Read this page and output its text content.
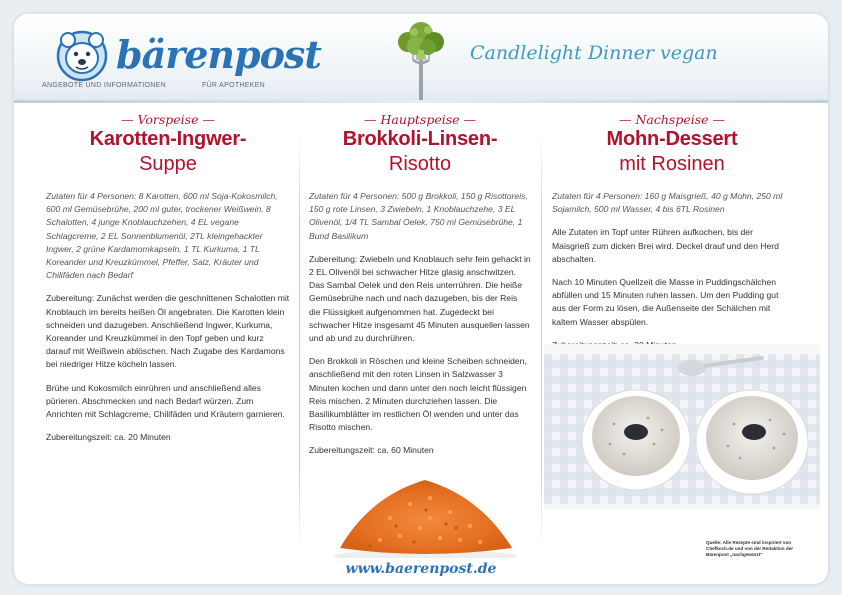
bärenpost
ANGEBOTE UND INFORMATIONEN	FÜR APOTHEKEN
Candlelight Dinner vegan
— Vorspeise —
Karotten-Ingwer-
Suppe
Zutaten für 4 Personen: 8 Karotten, 600 ml Soja-Kokosmilch, 600 ml Gemüsebrühe, 200 ml guter, trockener Weißwein, 8 Schalotten, 4 junge Knoblauchzehen, 4 EL vegane Schlagcreme, 2 EL Sonnenblumenöl, 2TL kleingehackter Ingwer, 2 grüne Kardamomkapseln, 1 TL Kurkuma, 1 TL Koreander und Kreuzkümmel, Pfeffer, Salz, Kräuter und Chilifäden nach Bedarf
Zubereitung: Zunächst werden die geschnittenen Schalotten mit Knoblauch im bereits heißen Öl angebraten. Die Karotten klein schneiden und dazugeben. Anschließend Ingwer, Kurkuma, Koreander und Kreuzkümmel in den Topf geben und kurz darauf mit Weißwein ablöschen. Nach Zugabe des Kardamons bei niedriger Hitze köcheln lassen.
Brühe und Kokosmilch einrühren und anschließend alles pürieren. Abschmecken und nach Bedarf würzen. Zum Anrichten mit Schlagcreme, Chilifäden und Kräutern garnieren.
Zubereitungszeit: ca. 20 Minuten
— Hauptspeise —
Brokkoli-Linsen-
Risotto
Zutaten für 4 Personen: 500 g Brokkoli, 150 g Risottoreis, 150 g rote Linsen, 3 Zwiebeln, 1 Knoblauchzehe, 3 EL Olivenöl, 1/4 TL Sambal Oelek, 750 ml Gemüsebrühe, 1 Bund Basilikum
Zubereitung: Zwiebeln und Knoblauch sehr fein gehackt in 2 EL Olivenöl bei schwacher Hitze glasig anschwitzen. Das Sambal Oelek und den Reis unterrühren. Die heiße Gemüsebrühe nach und nach dazugeben, bis der Reis die Flüssigkeit aufgenommen hat. Zugedeckt bei schwacher Hitze insgesamt 45 Minuten ausquellen lassen und ab und zu durchrühren.
Den Brokkoli in Röschen und kleine Scheiben schneiden, anschließend mit den roten Linsen in Salzwasser 3 Minuten kochen und dann unter den noch leicht flüssigen Reis mischen. 2 Minuten durchziehen lassen. Die Basilikumblätter im restlichen Öl wenden und unter das Risotto mischen.
Zubereitungszeit: ca. 60 Minuten
— Nachspeise —
Mohn-Dessert
mit Rosinen
Zutaten für 4 Personen: 160 g Maisgrieß, 40 g Mohn, 250 ml Sojamilch, 500 ml Wasser, 4 bis 6TL Rosinen
Alle Zutaten im Topf unter Rühren aufkochen, bis der Maisgrieß zum dicken Brei wird. Deckel drauf und den Herd abschalten.
Nach 10 Minuten Quellzeit die Masse in Puddingschälchen abfüllen und 15 Minuten ruhen lassen. Um den Pudding gut aus der Form zu lösen, die Außenseite der Schälchen mit kaltem Wasser abspülen.
Quelle: Alle Rezepte sind inspiriert von Chefkoch.de und von der Redaktion der Bärenpost „nachgewürzt“
www.baerenpost.de
